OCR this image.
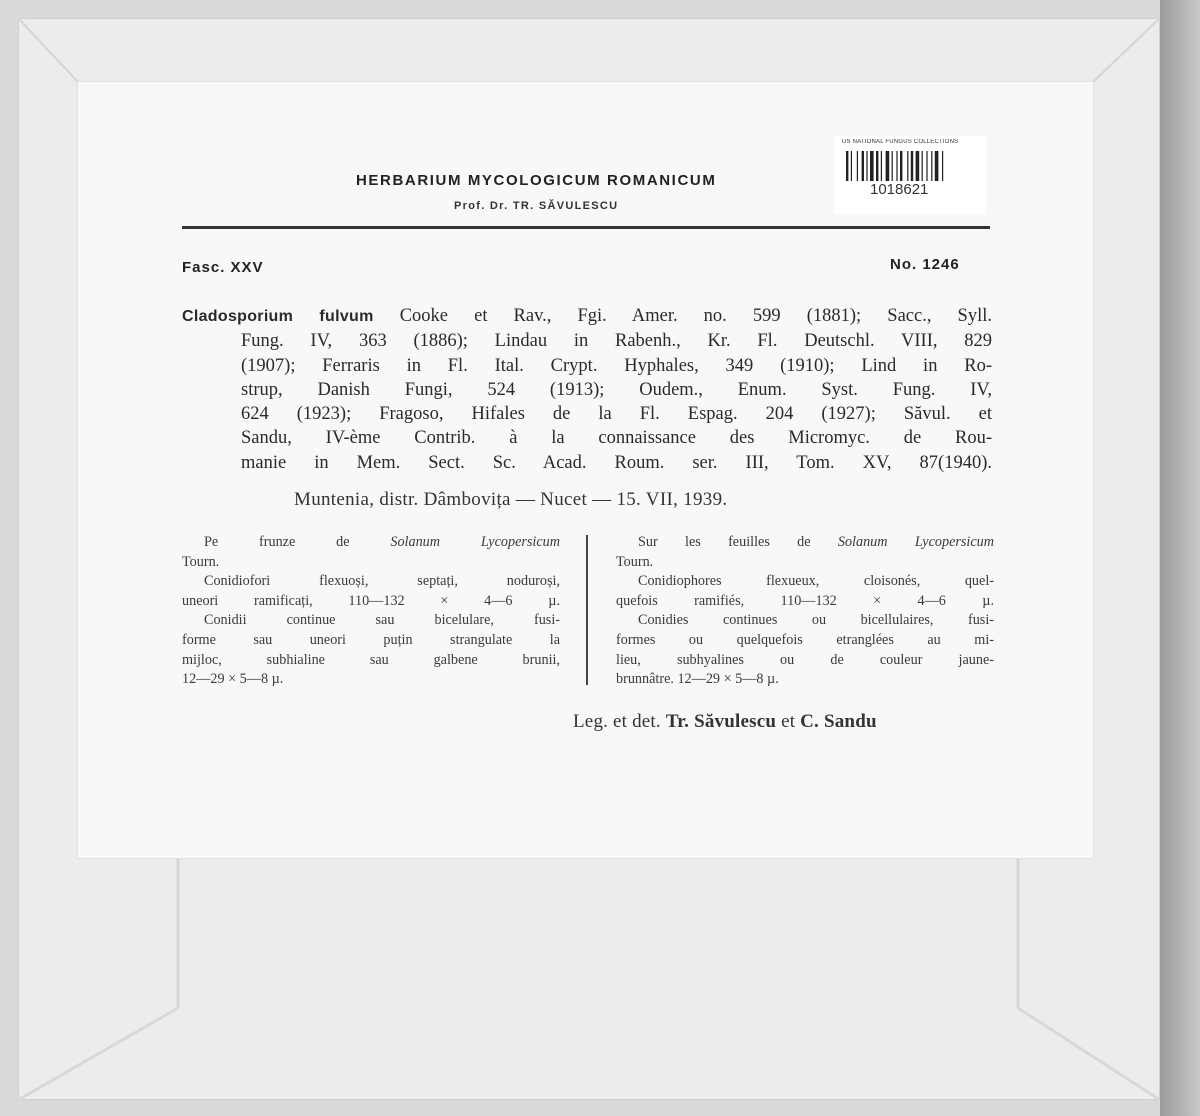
HERBARIUM MYCOLOGICUM ROMANICUM
Prof. Dr. TR. SĂVULESCU
US NATIONAL FUNGUS COLLECTIONS
1018621
Fasc. XXV	No. 1246
Cladosporium fulvum Cooke et Rav., Fgi. Amer. no. 599 (1881); Sacc., Syll.
Fung. IV, 363 (1886); Lindau in Rabenh., Kr. Fl. Deutschl. VIII, 829
(1907); Ferraris in Fl. Ital. Crypt. Hyphales, 349 (1910); Lind in Ro-
strup, Danish Fungi, 524 (1913); Oudem., Enum. Syst. Fung. IV,
624 (1923); Fragoso, Hifales de la Fl. Espag. 204 (1927); Săvul. et
Sandu, IV-ème Contrib. à la connaissance des Micromyc. de Rou-
manie in Mem. Sect. Sc. Acad. Roum. ser. III, Tom. XV, 87(1940).
Muntenia, distr. Dâmbovița — Nucet — 15. VII, 1939.
Pe frunze de Solanum Lycopersicum
Tourn.
Conidiofori flexuoși, septați, noduroși,
uneori ramificați, 110—132 × 4—6 µ.
Conidii continue sau bicelulare, fusi-
forme sau uneori puțin strangulate la
mijloc, subhialine sau galbene brunii,
12—29 × 5—8 µ.
Sur les feuilles de Solanum Lycopersicum
Tourn.
Conidiophores flexueux, cloisonés, quel-
quefois ramifiés, 110—132 × 4—6 µ.
Conidies continues ou bicellulaires, fusi-
formes ou quelquefois etranglées au mi-
lieu, subhyalines ou de couleur jaune-
brunnâtre. 12—29 × 5—8 µ.
Leg. et det. Tr. Săvulescu et C. Sandu
